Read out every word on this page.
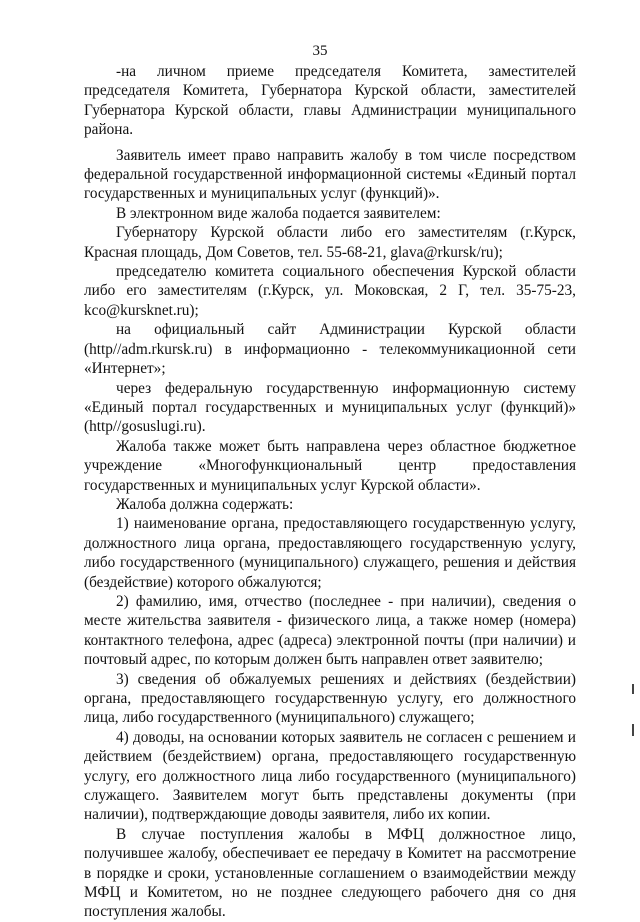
35

-на личном приеме председателя Комитета, заместителей председателя Комитета, Губернатора Курской области, заместителей Губернатора Курской области, главы Администрации муниципального района.

Заявитель имеет право направить жалобу в том числе посредством федеральной государственной информационной системы «Единый портал государственных и муниципальных услуг (функций)».

В электронном виде жалоба подается заявителем:

Губернатору Курской области либо его заместителям (г.Курск, Красная площадь, Дом Советов, тел. 55-68-21, glava@rkursk/ru);

председателю комитета социального обеспечения Курской области либо его заместителям (г.Курск, ул. Моковская, 2 Г, тел. 35-75-23, kco@kursknet.ru);

на официальный сайт Администрации Курской области (http//adm.rkursk.ru) в информационно - телекоммуникационной сети «Интернет»;

через федеральную государственную информационную систему «Единый портал государственных и муниципальных услуг (функций)» (http//gosuslugi.ru).

Жалоба также может быть направлена через областное бюджетное учреждение «Многофункциональный центр предоставления государственных и муниципальных услуг Курской области».

Жалоба должна содержать:

1) наименование органа, предоставляющего государственную услугу, должностного лица органа, предоставляющего государственную услугу, либо государственного (муниципального) служащего, решения и действия (бездействие) которого обжалуются;

2) фамилию, имя, отчество (последнее - при наличии), сведения о месте жительства заявителя - физического лица, а также номер (номера) контактного телефона, адрес (адреса) электронной почты (при наличии) и почтовый адрес, по которым должен быть направлен ответ заявителю;

3) сведения об обжалуемых решениях и действиях (бездействии) органа, предоставляющего государственную услугу, его должностного лица, либо государственного (муниципального) служащего;

4) доводы, на основании которых заявитель не согласен с решением и действием (бездействием) органа, предоставляющего государственную услугу, его должностного лица либо государственного (муниципального) служащего. Заявителем могут быть представлены документы (при наличии), подтверждающие доводы заявителя, либо их копии.

В случае поступления жалобы в МФЦ должностное лицо, получившее жалобу, обеспечивает ее передачу в Комитет на рассмотрение в порядке и сроки, установленные соглашением о взаимодействии между МФЦ и Комитетом, но не позднее следующего рабочего дня со дня поступления жалобы.
